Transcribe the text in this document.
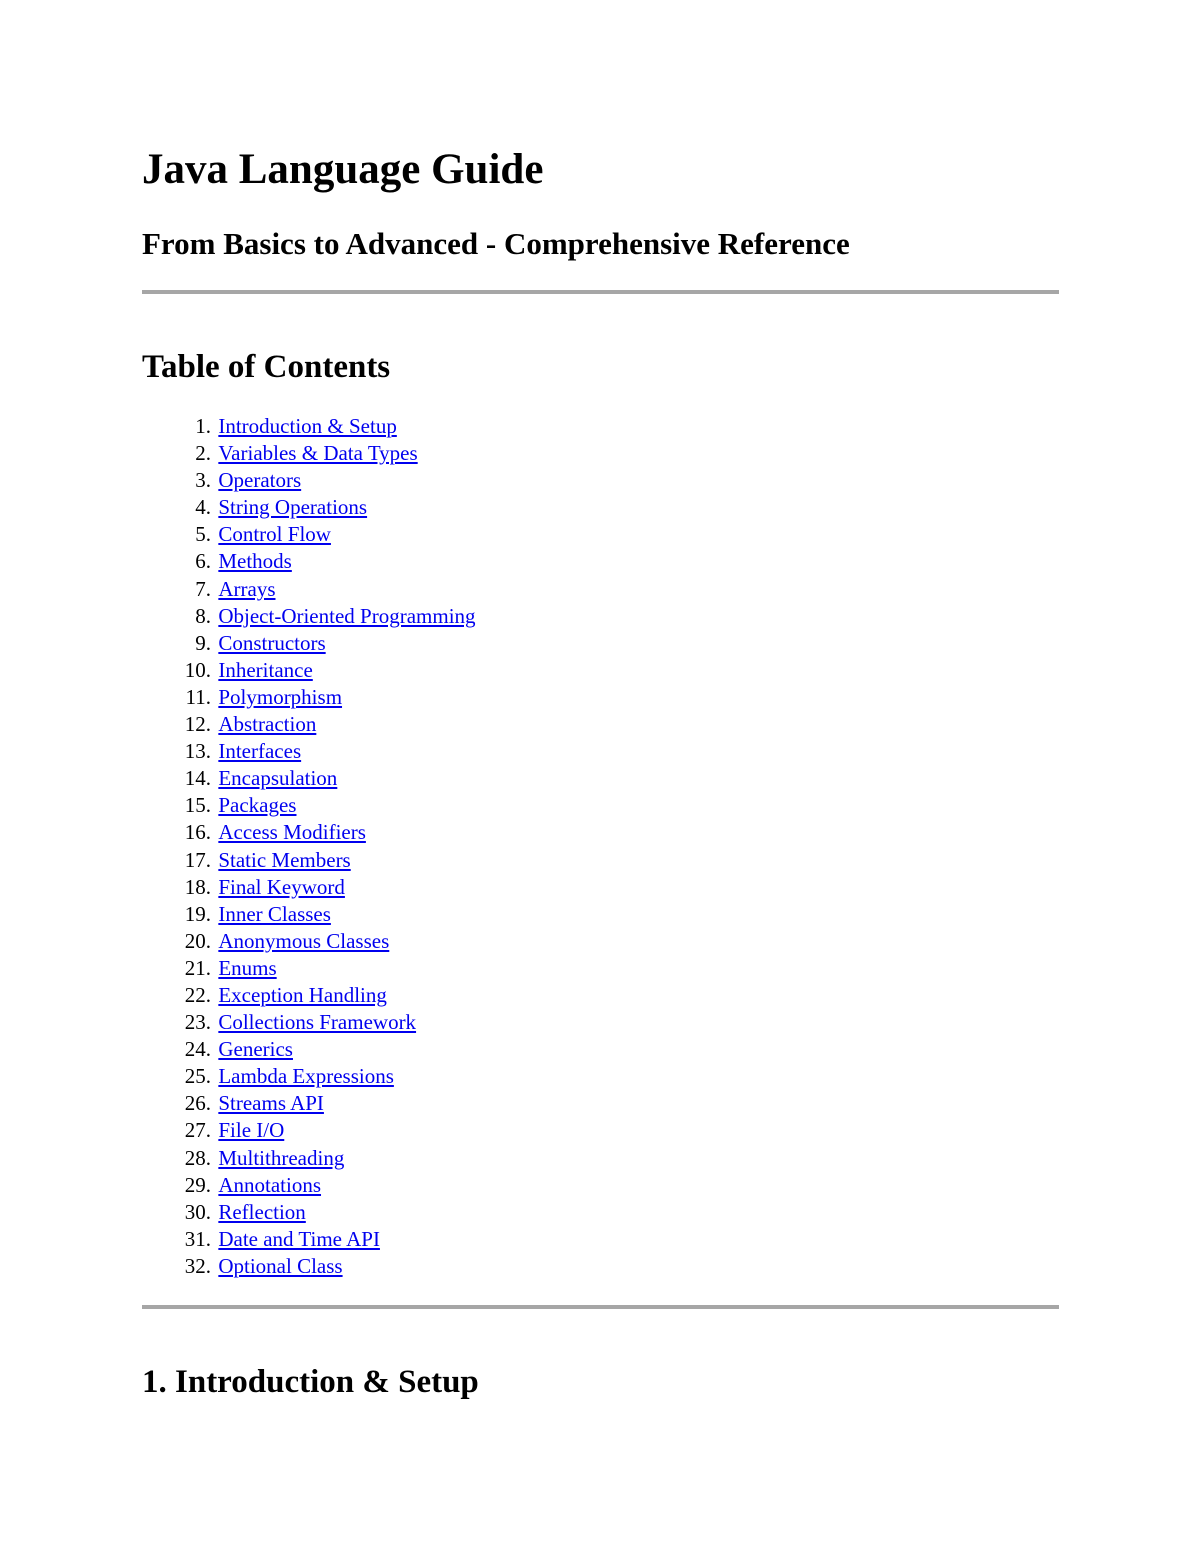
Java Language Guide
From Basics to Advanced - Comprehensive Reference
Table of Contents
1. Introduction & Setup
2. Variables & Data Types
3. Operators
4. String Operations
5. Control Flow
6. Methods
7. Arrays
8. Object-Oriented Programming
9. Constructors
10. Inheritance
11. Polymorphism
12. Abstraction
13. Interfaces
14. Encapsulation
15. Packages
16. Access Modifiers
17. Static Members
18. Final Keyword
19. Inner Classes
20. Anonymous Classes
21. Enums
22. Exception Handling
23. Collections Framework
24. Generics
25. Lambda Expressions
26. Streams API
27. File I/O
28. Multithreading
29. Annotations
30. Reflection
31. Date and Time API
32. Optional Class
1. Introduction & Setup
